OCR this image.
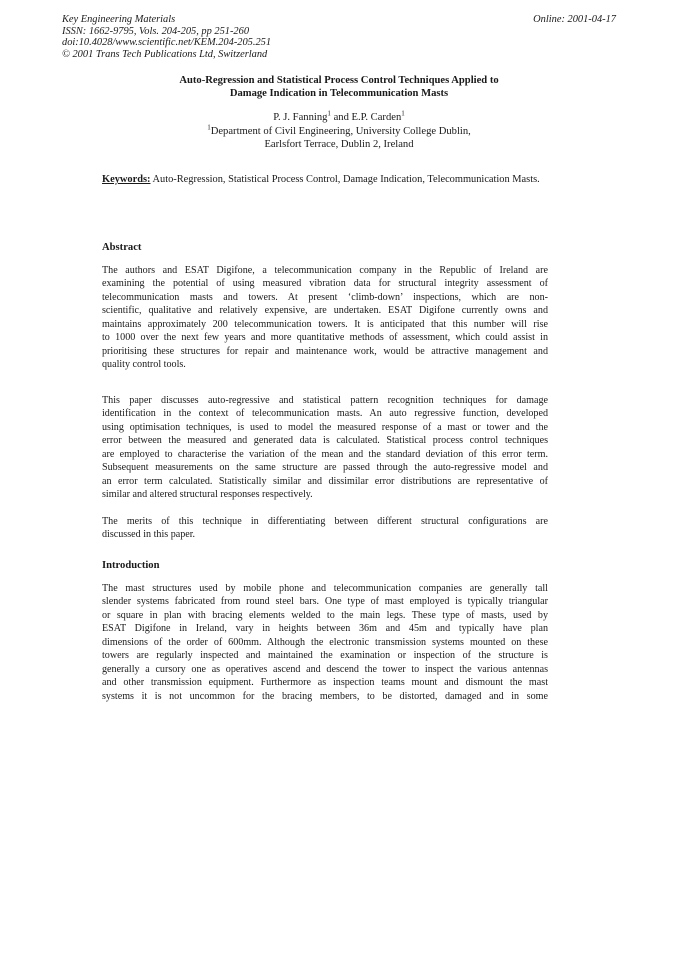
Key Engineering Materials
ISSN: 1662-9795, Vols. 204-205, pp 251-260
doi:10.4028/www.scientific.net/KEM.204-205.251
© 2001 Trans Tech Publications Ltd, Switzerland
Online: 2001-04-17
Auto-Regression and Statistical Process Control Techniques Applied to
Damage Indication in Telecommunication Masts
P. J. Fanning$^1$ and E.P. Carden$^1$
$^1$Department of Civil Engineering, University College Dublin,
Earlsfort Terrace, Dublin 2, Ireland
Keywords: Auto-Regression, Statistical Process Control, Damage Indication, Telecommunication Masts.
Abstract
The authors and ESAT Digifone, a telecommunication company in the Republic of Ireland are
examining the potential of using measured vibration data for structural integrity assessment of
telecommunication masts and towers. At present ‘climb-down’ inspections, which are non-
scientific, qualitative and relatively expensive, are undertaken. ESAT Digifone currently owns and
maintains approximately 200 telecommunication towers. It is anticipated that this number will rise
to 1000 over the next few years and more quantitative methods of assessment, which could assist in
prioritising these structures for repair and maintenance work, would be attractive management and
quality control tools.
This paper discusses auto-regressive and statistical pattern recognition techniques for damage
identification in the context of telecommunication masts. An auto regressive function, developed
using optimisation techniques, is used to model the measured response of a mast or tower and the
error between the measured and generated data is calculated. Statistical process control techniques
are employed to characterise the variation of the mean and the standard deviation of this error term.
Subsequent measurements on the same structure are passed through the auto-regressive model and
an error term calculated. Statistically similar and dissimilar error distributions are representative of
similar and altered structural responses respectively.
The merits of this technique in differentiating between different structural configurations are
discussed in this paper.
Introduction
The mast structures used by mobile phone and telecommunication companies are generally tall
slender systems fabricated from round steel bars. One type of mast employed is typically triangular
or square in plan with bracing elements welded to the main legs. These type of masts, used by
ESAT Digifone in Ireland, vary in heights between 36m and 45m and typically have plan
dimensions of the order of 600mm. Although the electronic transmission systems mounted on these
towers are regularly inspected and maintained the examination or inspection of the structure is
generally a cursory one as operatives ascend and descend the tower to inspect the various antennas
and other transmission equipment. Furthermore as inspection teams mount and dismount the mast
systems it is not uncommon for the bracing members, to be distorted, damaged and in some
